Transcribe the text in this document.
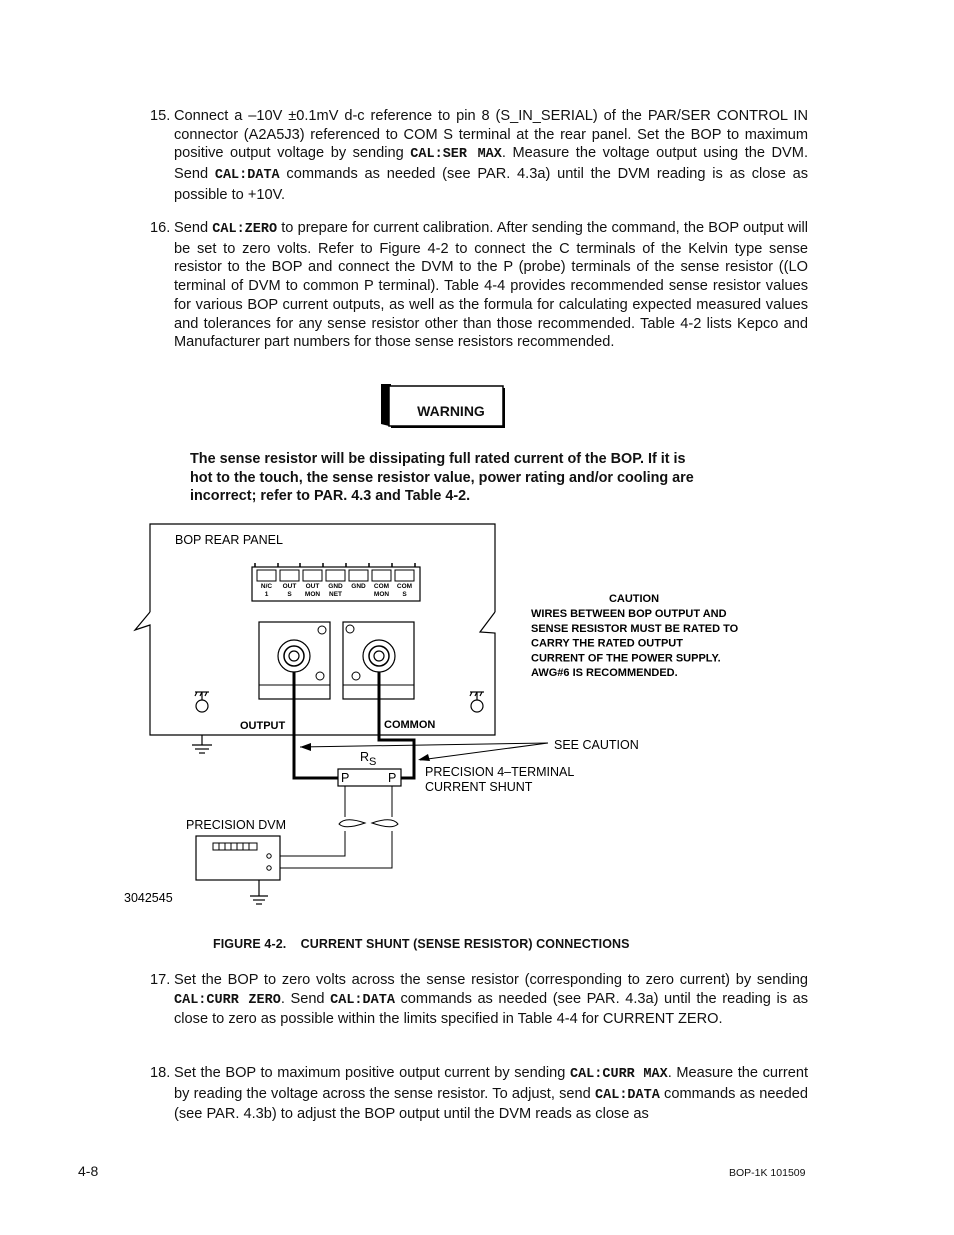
15. Connect a –10V ±0.1mV d-c reference to pin 8 (S_IN_SERIAL) of the PAR/SER CONTROL IN connector (A2A5J3) referenced to COM S terminal at the rear panel. Set the BOP to maximum positive output voltage by sending CAL:SER MAX. Measure the voltage output using the DVM. Send CAL:DATA commands as needed (see PAR. 4.3a) until the DVM reading is as close as possible to +10V.
16. Send CAL:ZERO to prepare for current calibration. After sending the command, the BOP output will be set to zero volts. Refer to Figure 4-2 to connect the C terminals of the Kelvin type sense resistor to the BOP and connect the DVM to the P (probe) terminals of the sense resistor ((LO terminal of DVM to common P terminal). Table 4-4 provides recommended sense resistor values for various BOP current outputs, as well as the formula for calculating expected measured values and tolerances for any sense resistor other than those recommended. Table 4-2 lists Kepco and Manufacturer part numbers for those sense resistors recommended.
WARNING
The sense resistor will be dissipating full rated current of the BOP. If it is hot to the touch, the sense resistor value, power rating and/or cooling are incorrect; refer to PAR. 4.3 and Table 4-2.
BOP REAR PANEL
N/C
1
OUT
S
OUT
MON
GND
NET
GND COM
MON
COM
S
OUTPUT	COMMON
CAUTION
WIRES BETWEEN BOP OUTPUT AND
SENSE RESISTOR MUST BE RATED TO
CARRY THE RATED OUTPUT
CURRENT OF THE POWER SUPPLY.
AWG#6 IS RECOMMENDED.
SEE CAUTION
R S
P	P PRECISION 4–TERMINAL
CURRENT SHUNT
PRECISION DVM
3042545
FIGURE 4-2.    CURRENT SHUNT (SENSE RESISTOR) CONNECTIONS
17. Set the BOP to zero volts across the sense resistor (corresponding to zero current) by sending CAL:CURR ZERO. Send CAL:DATA commands as needed (see PAR. 4.3a) until the reading is as close to zero as possible within the limits specified in Table 4-4 for CURRENT ZERO.
18. Set the BOP to maximum positive output current by sending CAL:CURR MAX. Measure the current by reading the voltage across the sense resistor. To adjust, send CAL:DATA commands as needed (see PAR. 4.3b) to adjust the BOP output until the DVM reads as close as
4-8	BOP-1K 101509
